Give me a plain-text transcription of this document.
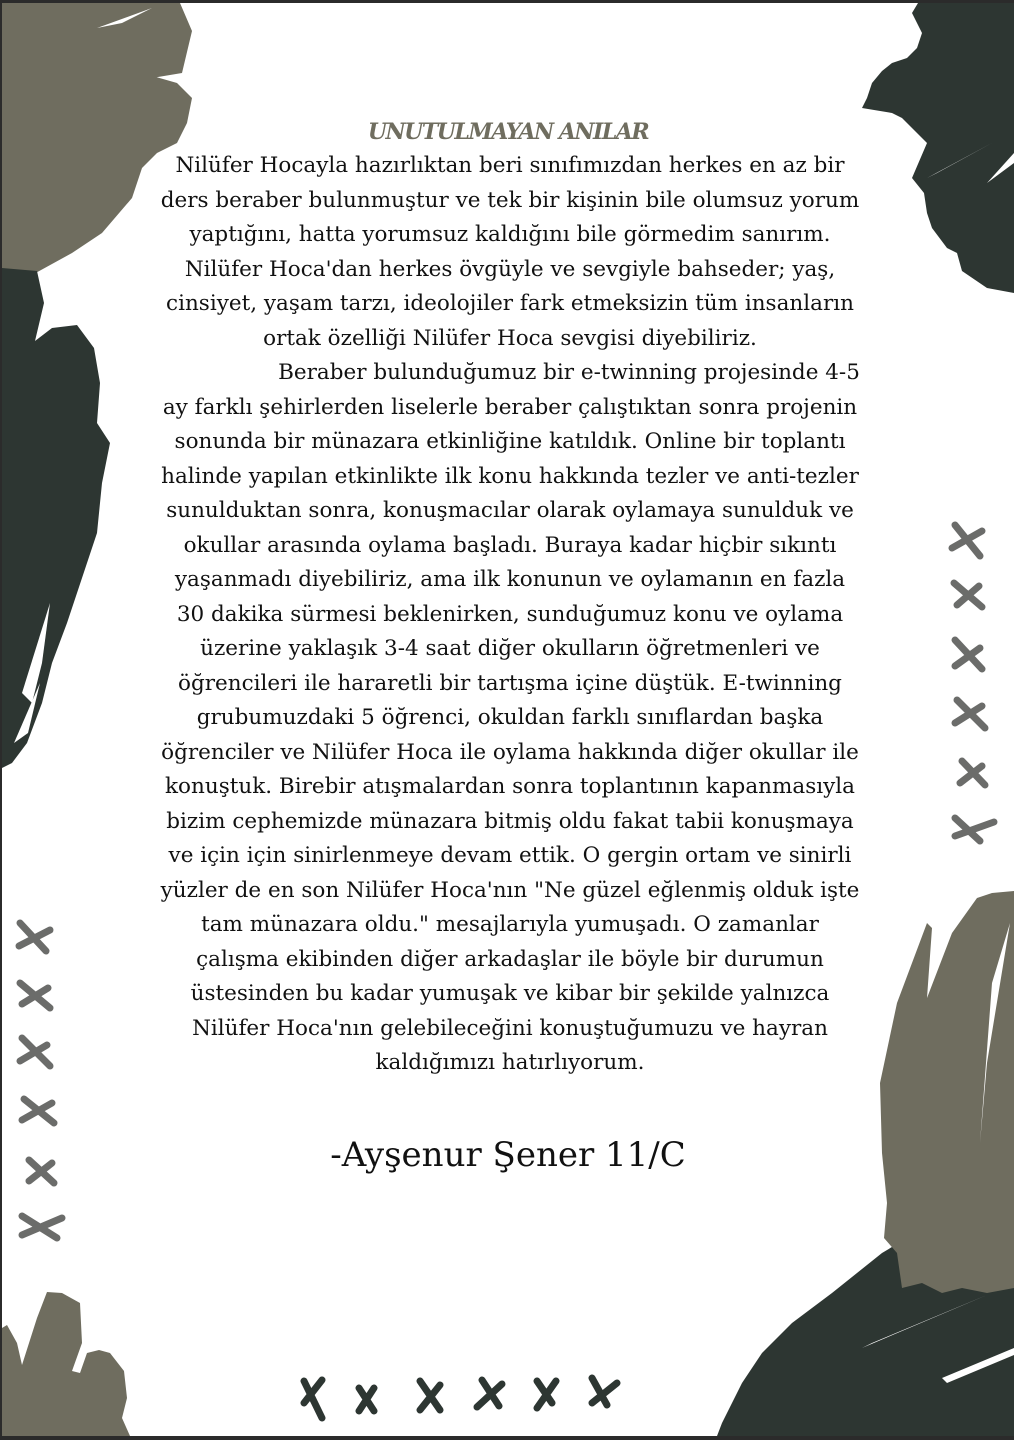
UNUTULMAYAN ANILAR
Nilüfer Hocayla hazırlıktan beri sınıfımızdan herkes en az bir
ders beraber bulunmuştur ve tek bir kişinin bile olumsuz yorum
yaptığını, hatta yorumsuz kaldığını bile görmedim sanırım.
Nilüfer Hoca'dan herkes övgüyle ve sevgiyle bahseder; yaş,
cinsiyet, yaşam tarzı, ideolojiler fark etmeksizin tüm insanların
ortak özelliği Nilüfer Hoca sevgisi diyebiliriz.
Beraber bulunduğumuz bir e-twinning projesinde 4-5
ay farklı şehirlerden liselerle beraber çalıştıktan sonra projenin
sonunda bir münazara etkinliğine katıldık. Online bir toplantı
halinde yapılan etkinlikte ilk konu hakkında tezler ve anti-tezler
sunulduktan sonra, konuşmacılar olarak oylamaya sunulduk ve
okullar arasında oylama başladı. Buraya kadar hiçbir sıkıntı
yaşanmadı diyebiliriz, ama ilk konunun ve oylamanın en fazla
30 dakika sürmesi beklenirken, sunduğumuz konu ve oylama
üzerine yaklaşık 3-4 saat diğer okulların öğretmenleri ve
öğrencileri ile hararetli bir tartışma içine düştük. E-twinning
grubumuzdaki 5 öğrenci, okuldan farklı sınıflardan başka
öğrenciler ve Nilüfer Hoca ile oylama hakkında diğer okullar ile
konuştuk. Birebir atışmalardan sonra toplantının kapanmasıyla
bizim cephemizde münazara bitmiş oldu fakat tabii konuşmaya
ve için için sinirlenmeye devam ettik. O gergin ortam ve sinirli
yüzler de en son Nilüfer Hoca'nın "Ne güzel eğlenmiş olduk işte
tam münazara oldu." mesajlarıyla yumuşadı. O zamanlar
çalışma ekibinden diğer arkadaşlar ile böyle bir durumun
üstesinden bu kadar yumuşak ve kibar bir şekilde yalnızca
Nilüfer Hoca'nın gelebileceğini konuştuğumuzu ve hayran
kaldığımızı hatırlıyorum.
-Ayşenur Şener 11/C
